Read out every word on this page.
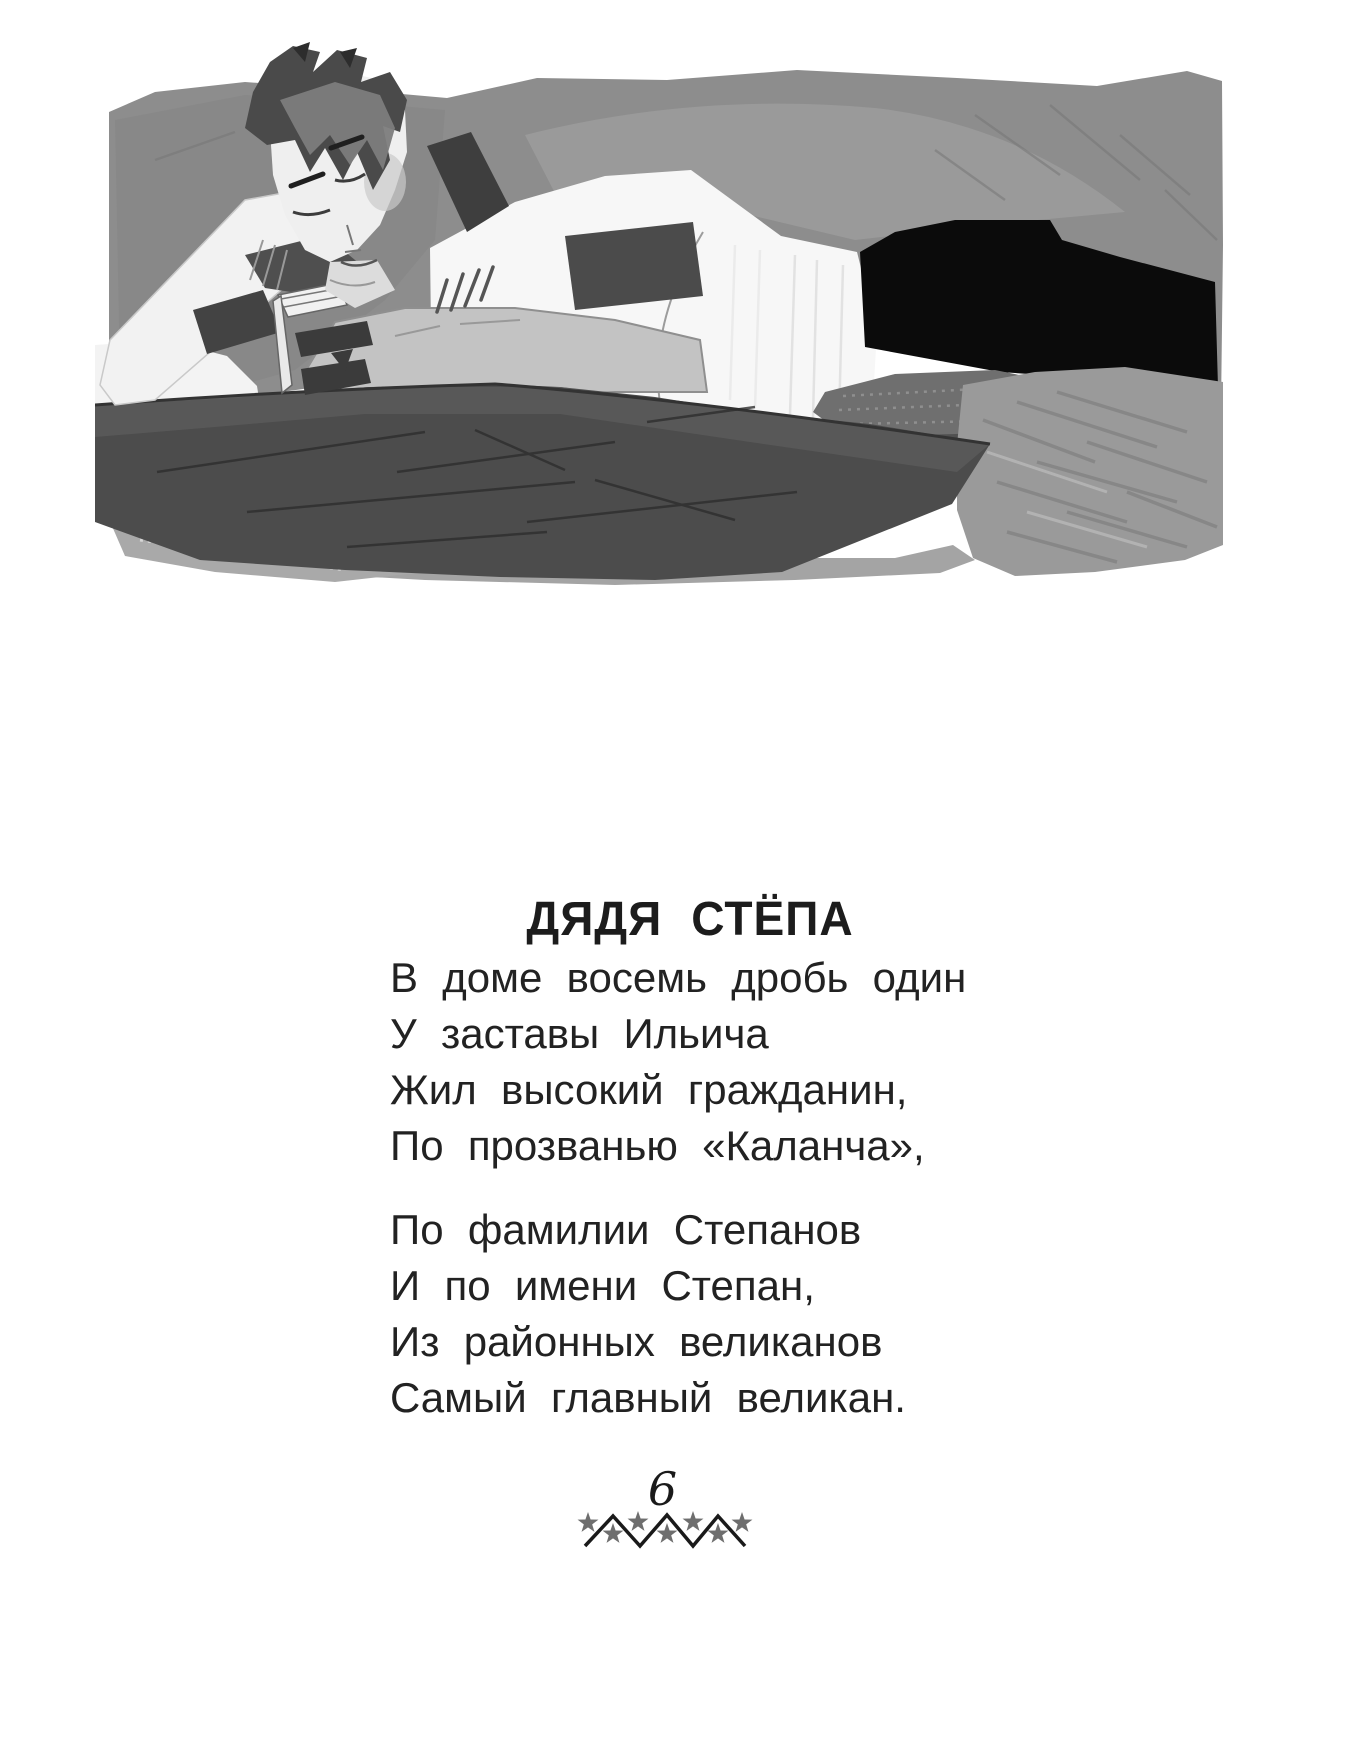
ДЯДЯ СТЁПА
В доме восемь дробь один
У заставы Ильича
Жил высокий гражданин,
По прозванью «Каланча»,
По фамилии Степанов
И по имени Степан,
Из районных великанов
Самый главный великан.
6
